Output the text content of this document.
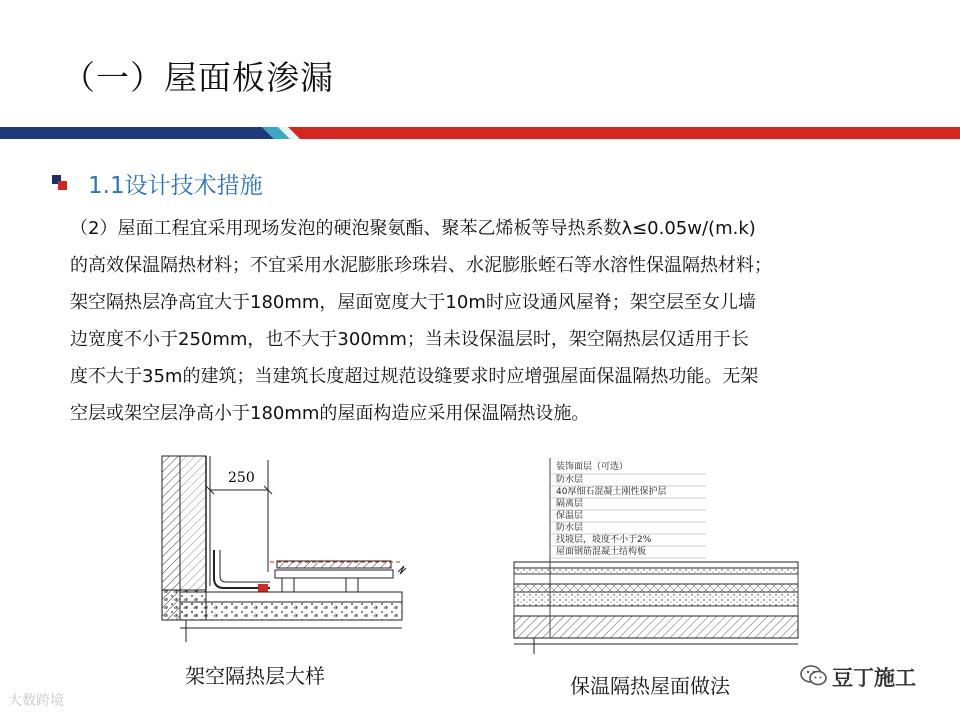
（一）屋面板渗漏
1.1设计技术措施
（2）屋面工程宜采用现场发泡的硬泡聚氨酯、聚苯乙烯板等导热系数λ≤0.05w/(m.k)
的高效保温隔热材料；不宜采用水泥膨胀珍珠岩、水泥膨胀蛭石等水溶性保温隔热材料；
架空隔热层净高宜大于180mm，屋面宽度大于10m时应设通风屋脊；架空层至女儿墙
边宽度不小于250mm，也不大于300mm；当未设保温层时，架空隔热层仅适用于长
度不大于35m的建筑；当建筑长度超过规范设缝要求时应增强屋面保温隔热功能。无架
空层或架空层净高小于180mm的屋面构造应采用保温隔热设施。
250
装饰面层（可选）
防水层
40厚细石混凝土刚性保护层
隔离层
保温层
防水层
找坡层，坡度不小于2%
屋面钢筋混凝土结构板
架空隔热层大样	保温隔热屋面做法
大数跨境
豆丁施工
